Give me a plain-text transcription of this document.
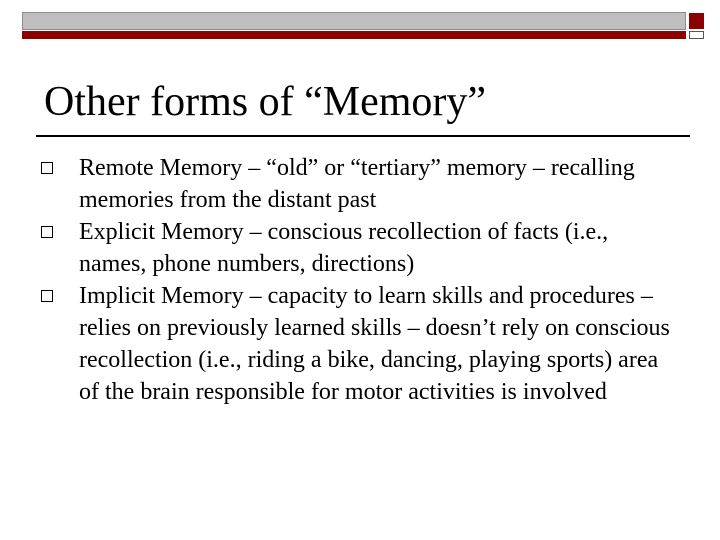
Other forms of “Memory”
Remote Memory – “old” or “tertiary” memory – recalling memories from the distant past
Explicit Memory – conscious recollection of facts (i.e., names, phone numbers, directions)
Implicit Memory – capacity to learn skills and procedures – relies on previously learned skills – doesn’t rely on conscious recollection (i.e., riding a bike, dancing, playing sports) area of the brain responsible for motor activities is involved
